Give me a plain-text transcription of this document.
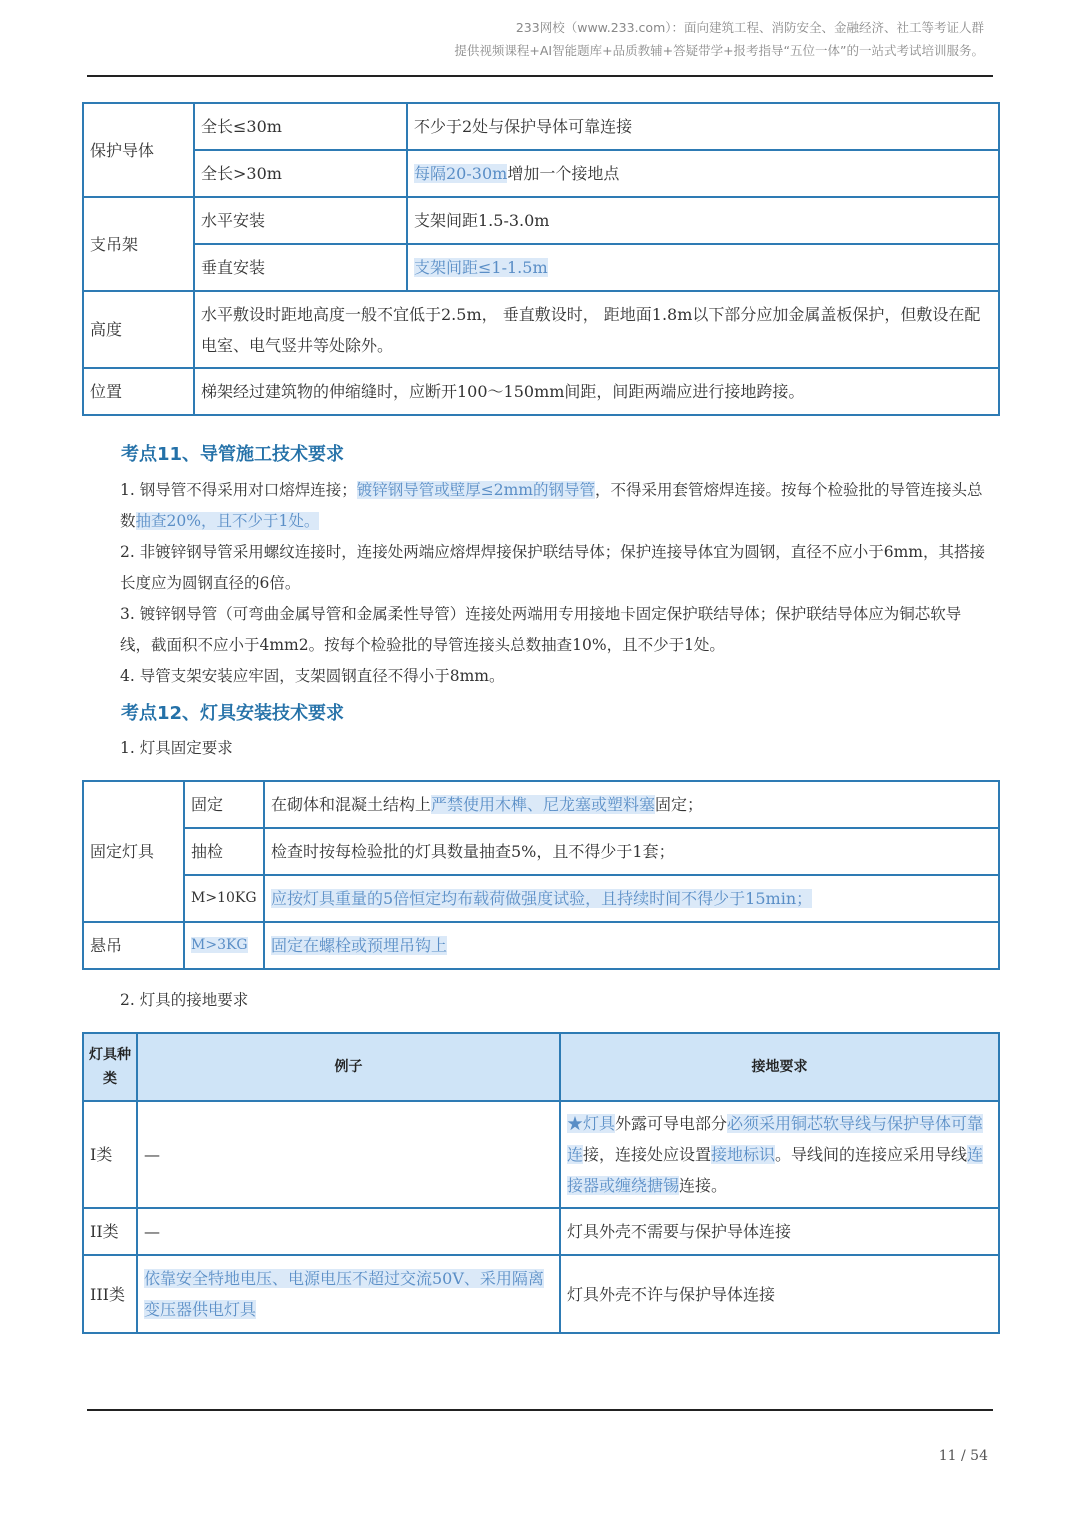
233网校（www.233.com）：面向建筑工程、消防安全、金融经济、社工等考证人群
提供视频课程+AI智能题库+品质教辅+答疑带学+报考指导“五位一体”的一站式考试培训服务。
保护导体	全长≤30m	不少于2处与保护导体可靠连接
	全长>30m	每隔20-30m增加一个接地点
支吊架	水平安装	支架间距1.5-3.0m
	垂直安装	支架间距≤1-1.5m
高度	水平敷设时距地高度一般不宜低于2.5m， 垂直敷设时， 距地面1.8m以下部分应加金属盖板保护，但敷设在配电室、电气竖井等处除外。	
位置	梯架经过建筑物的伸缩缝时，应断开100～150mm间距，间距两端应进行接地跨接。	
考点11、导管施工技术要求
1. 钢导管不得采用对口熔焊连接；镀锌钢导管或壁厚≤2mm的钢导管，不得采用套管熔焊连接。按每个检验批的导管连接头总数抽查20%，且不少于1处。
2. 非镀锌钢导管采用螺纹连接时，连接处两端应熔焊焊接保护联结导体；保护连接导体宜为圆钢，直径不应小于6mm，其搭接长度应为圆钢直径的6倍。
3. 镀锌钢导管（可弯曲金属导管和金属柔性导管）连接处两端用专用接地卡固定保护联结导体；保护联结导体应为铜芯软导线，截面积不应小于4mm2。按每个检验批的导管连接头总数抽查10%，且不少于1处。
4. 导管支架安装应牢固，支架圆钢直径不得小于8mm。
考点12、灯具安装技术要求
1. 灯具固定要求
固定灯具	固定	在砌体和混凝土结构上严禁使用木榫、尼龙塞或塑料塞固定；
	抽检	检查时按每检验批的灯具数量抽查5%，且不得少于1套；
	M>10KG	应按灯具重量的5倍恒定均布载荷做强度试验，且持续时间不得少于15min；
悬吊	M>3KG	固定在螺栓或预埋吊钩上
2. 灯具的接地要求
灯具种类	例子	接地要求
I类	—	★灯具外露可导电部分必须采用铜芯软导线与保护导体可靠连接，连接处应设置接地标识。导线间的连接应采用导线连接器或缠绕搪锡连接。
II类	—	灯具外壳不需要与保护导体连接
III类	依靠安全特地电压、电源电压不超过交流50V、采用隔离变压器供电灯具	灯具外壳不许与保护导体连接
11 / 54
